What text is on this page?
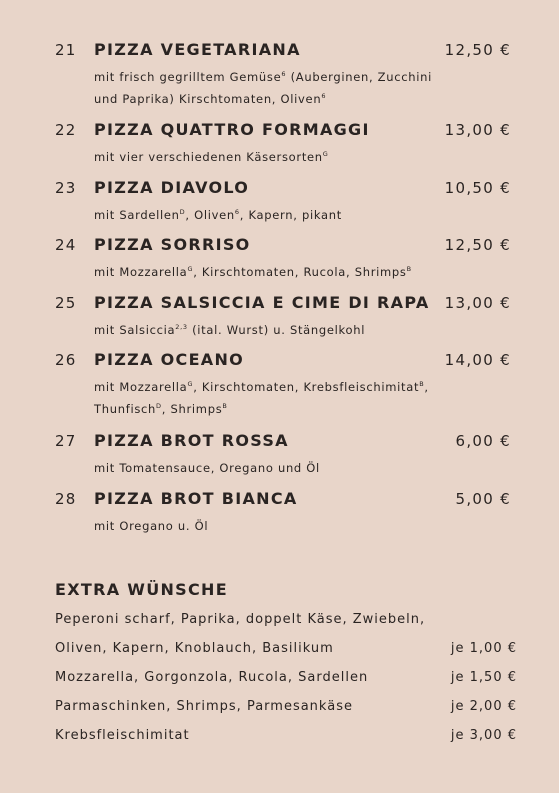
21 PIZZA VEGETARIANA	12,50 €
mit frisch gegrilltem Gemüse$^6$ (Auberginen, Zucchini
und Paprika) Kirschtomaten, Oliven$^6$
22 PIZZA QUATTRO FORMAGGI	13,00 €
mit vier verschiedenen Käsersorten$^G$
23 PIZZA DIAVOLO	10,50 €
mit Sardellen$^D$, Oliven$^6$, Kapern, pikant
24 PIZZA SORRISO	12,50 €
mit Mozzarella$^G$, Kirschtomaten, Rucola, Shrimps$^B$
25 PIZZA SALSICCIA E CIME DI RAPA 13,00 €
mit Salsiccia$^{2,3}$ (ital. Wurst) u. Stängelkohl
26 PIZZA OCEANO	14,00 €
mit Mozzarella$^G$, Kirschtomaten, Krebsfleischimitat$^B$,
Thunfisch$^D$, Shrimps$^B$
27 PIZZA BROT ROSSA	6,00 €
mit Tomatensauce, Oregano und Öl
28 PIZZA BROT BIANCA	5,00 €
mit Oregano u. Öl
EXTRA WÜNSCHE
Peperoni scharf, Paprika, doppelt Käse, Zwiebeln,
Oliven, Kapern, Knoblauch, Basilikum	je 1,00 €
Mozzarella, Gorgonzola, Rucola, Sardellen	je 1,50 €
Parmaschinken, Shrimps, Parmesankäse	je 2,00 €
Krebsfleischimitat	je 3,00 €
